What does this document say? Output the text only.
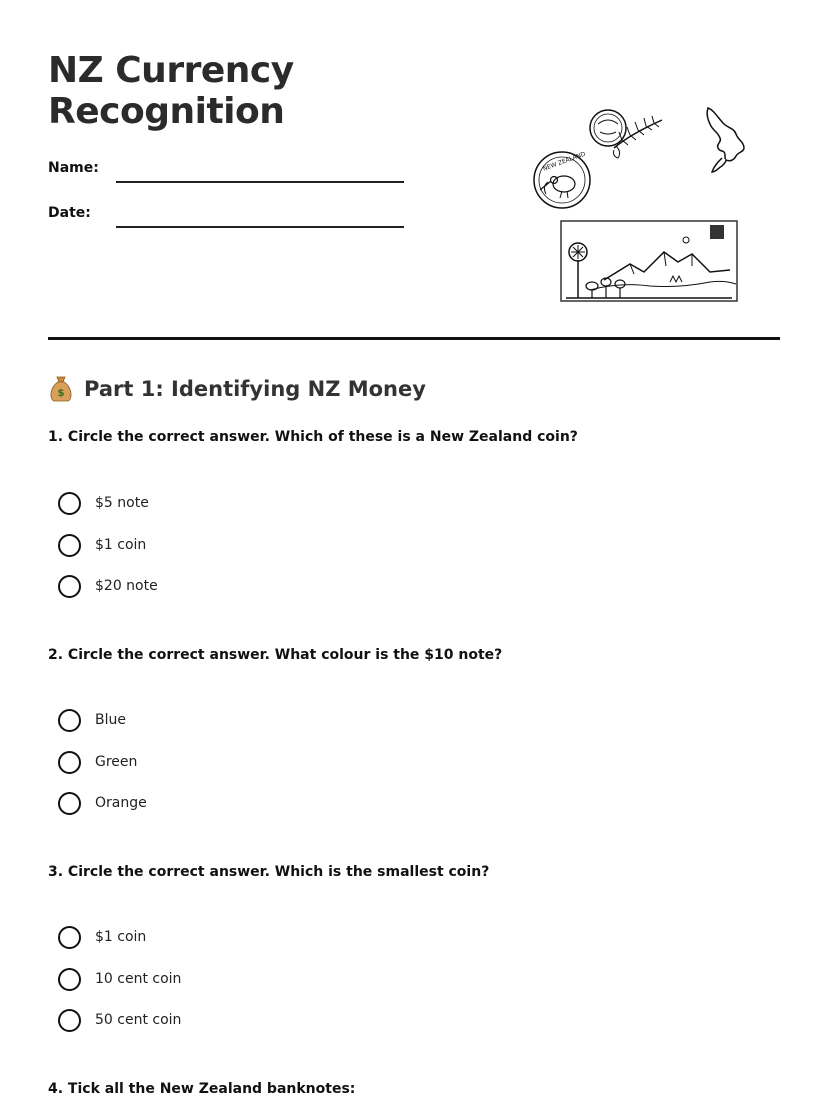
NZ Currency
Recognition
Name:
Date:
NEW ZEALAND
$ Part 1: Identifying NZ Money
1. Circle the correct answer. Which of these is a New Zealand coin?
$5 note
$1 coin
$20 note
2. Circle the correct answer. What colour is the $10 note?
Blue
Green
Orange
3. Circle the correct answer. Which is the smallest coin?
$1 coin
10 cent coin
50 cent coin
4. Tick all the New Zealand banknotes:
